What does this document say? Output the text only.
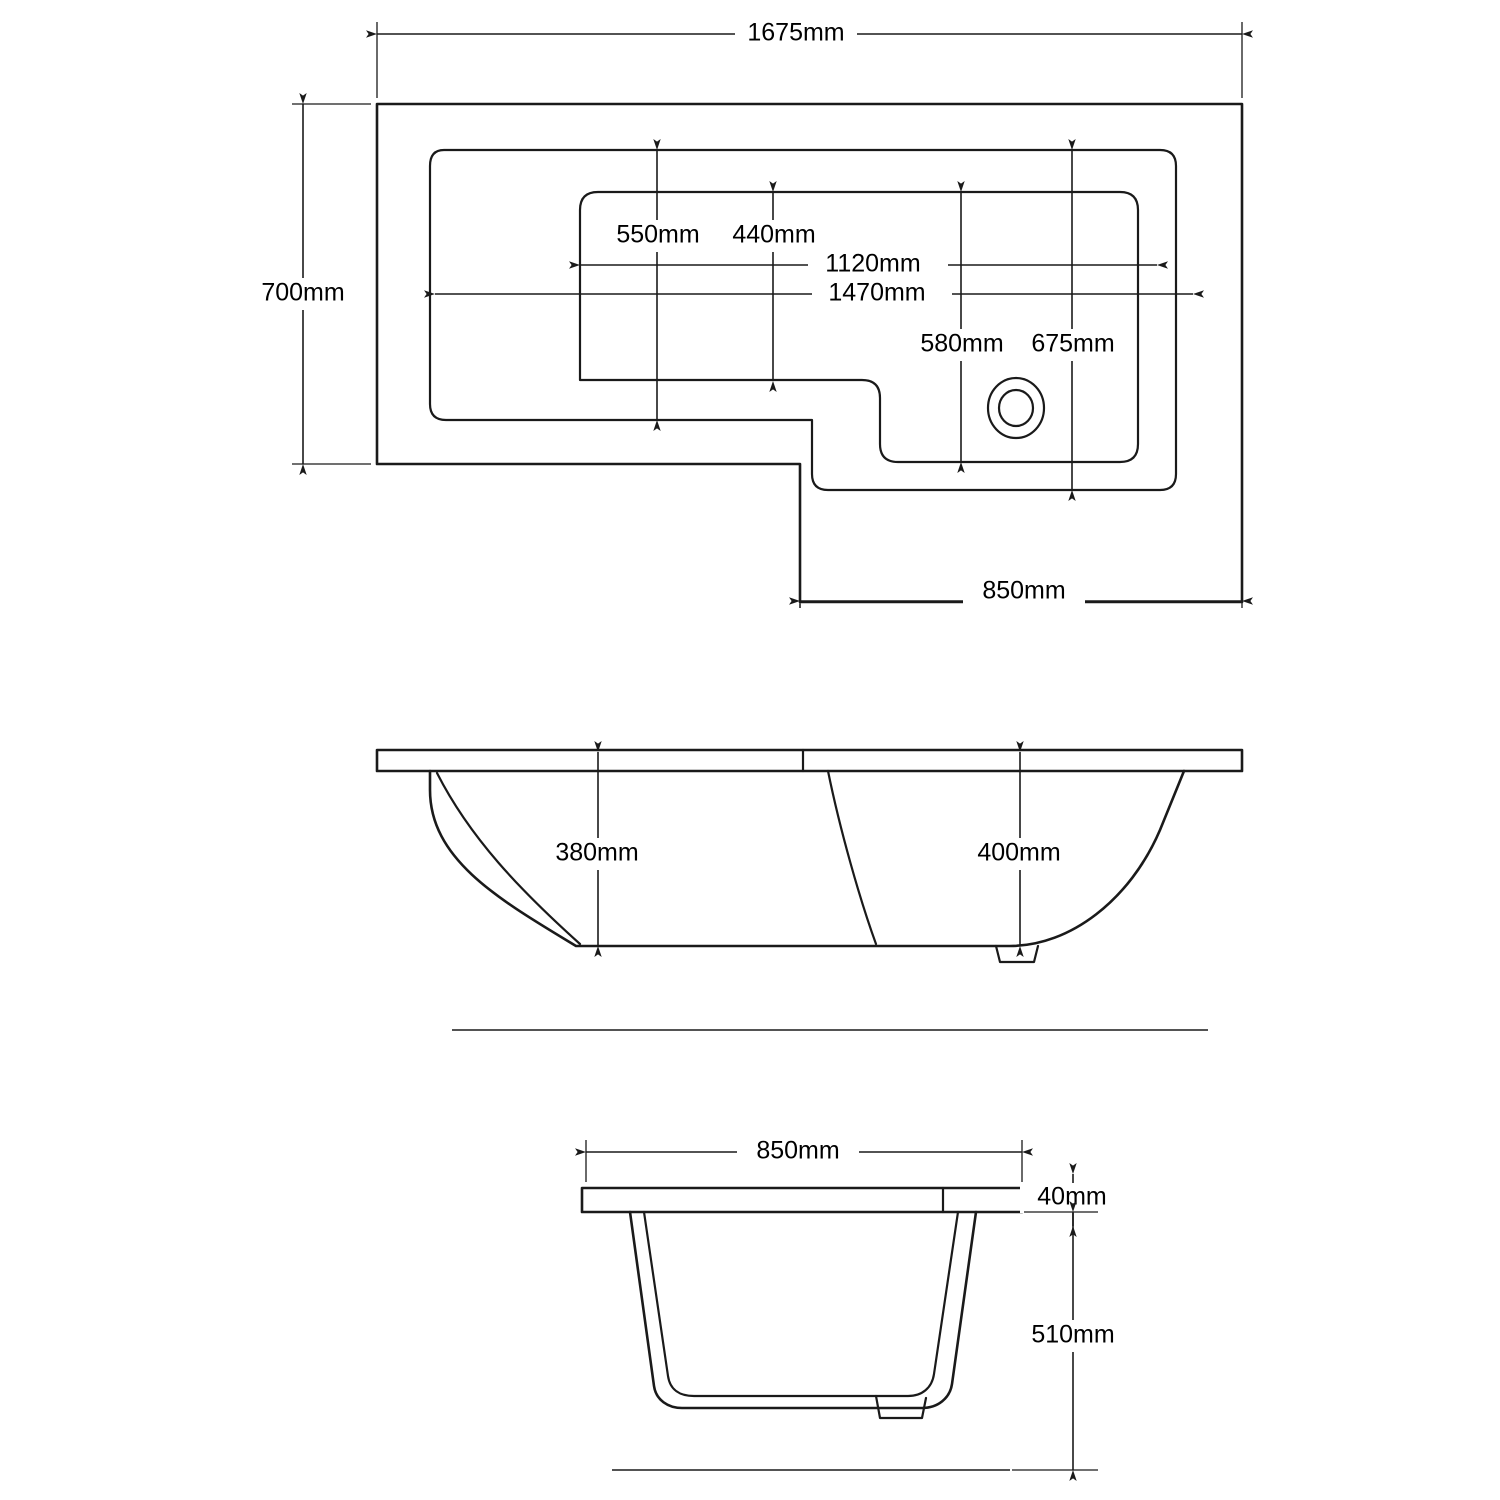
1675mm
700mm
550mm 440mm
1120mm
1470mm
580mm 675mm
850mm
380mm	400mm
850mm
40mm
510mm
